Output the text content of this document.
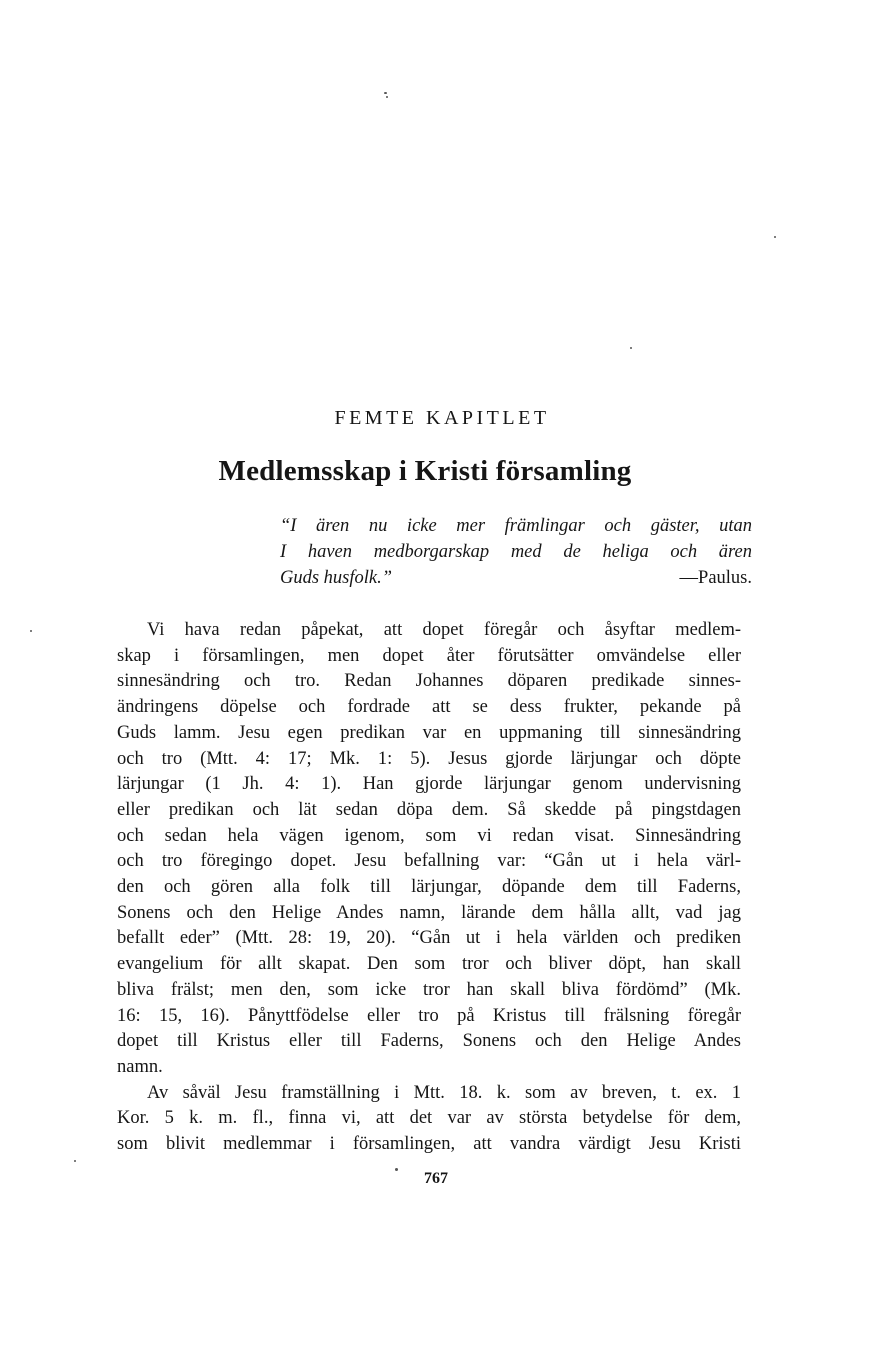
FEMTE KAPITLET
Medlemsskap i Kristi församling
“I ären nu icke mer främlingar och gäster, utan
I haven medborgarskap med de heliga och ären
Guds husfolk.”	—Paulus.
Vi hava redan påpekat, att dopet föregår och åsyftar medlem-
skap i församlingen, men dopet åter förutsätter omvändelse eller
sinnesändring och tro. Redan Johannes döparen predikade sinnes-
ändringens döpelse och fordrade att se dess frukter, pekande på
Guds lamm. Jesu egen predikan var en uppmaning till sinnesändring
och tro (Mtt. 4: 17; Mk. 1: 5). Jesus gjorde lärjungar och döpte
lärjungar (1 Jh. 4: 1). Han gjorde lärjungar genom undervisning
eller predikan och lät sedan döpa dem. Så skedde på pingstdagen
och sedan hela vägen igenom, som vi redan visat. Sinnesändring
och tro föregingo dopet. Jesu befallning var: “Gån ut i hela värl-
den och gören alla folk till lärjungar, döpande dem till Faderns,
Sonens och den Helige Andes namn, lärande dem hålla allt, vad jag
befallt eder” (Mtt. 28: 19, 20). “Gån ut i hela världen och prediken
evangelium för allt skapat. Den som tror och bliver döpt, han skall
bliva frälst; men den, som icke tror han skall bliva fördömd” (Mk.
16: 15, 16). Pånyttfödelse eller tro på Kristus till frälsning föregår
dopet till Kristus eller till Faderns, Sonens och den Helige Andes
namn.
Av såväl Jesu framställning i Mtt. 18. k. som av breven, t. ex. 1
Kor. 5 k. m. fl., finna vi, att det var av största betydelse för dem,
som blivit medlemmar i församlingen, att vandra värdigt Jesu Kristi
767
